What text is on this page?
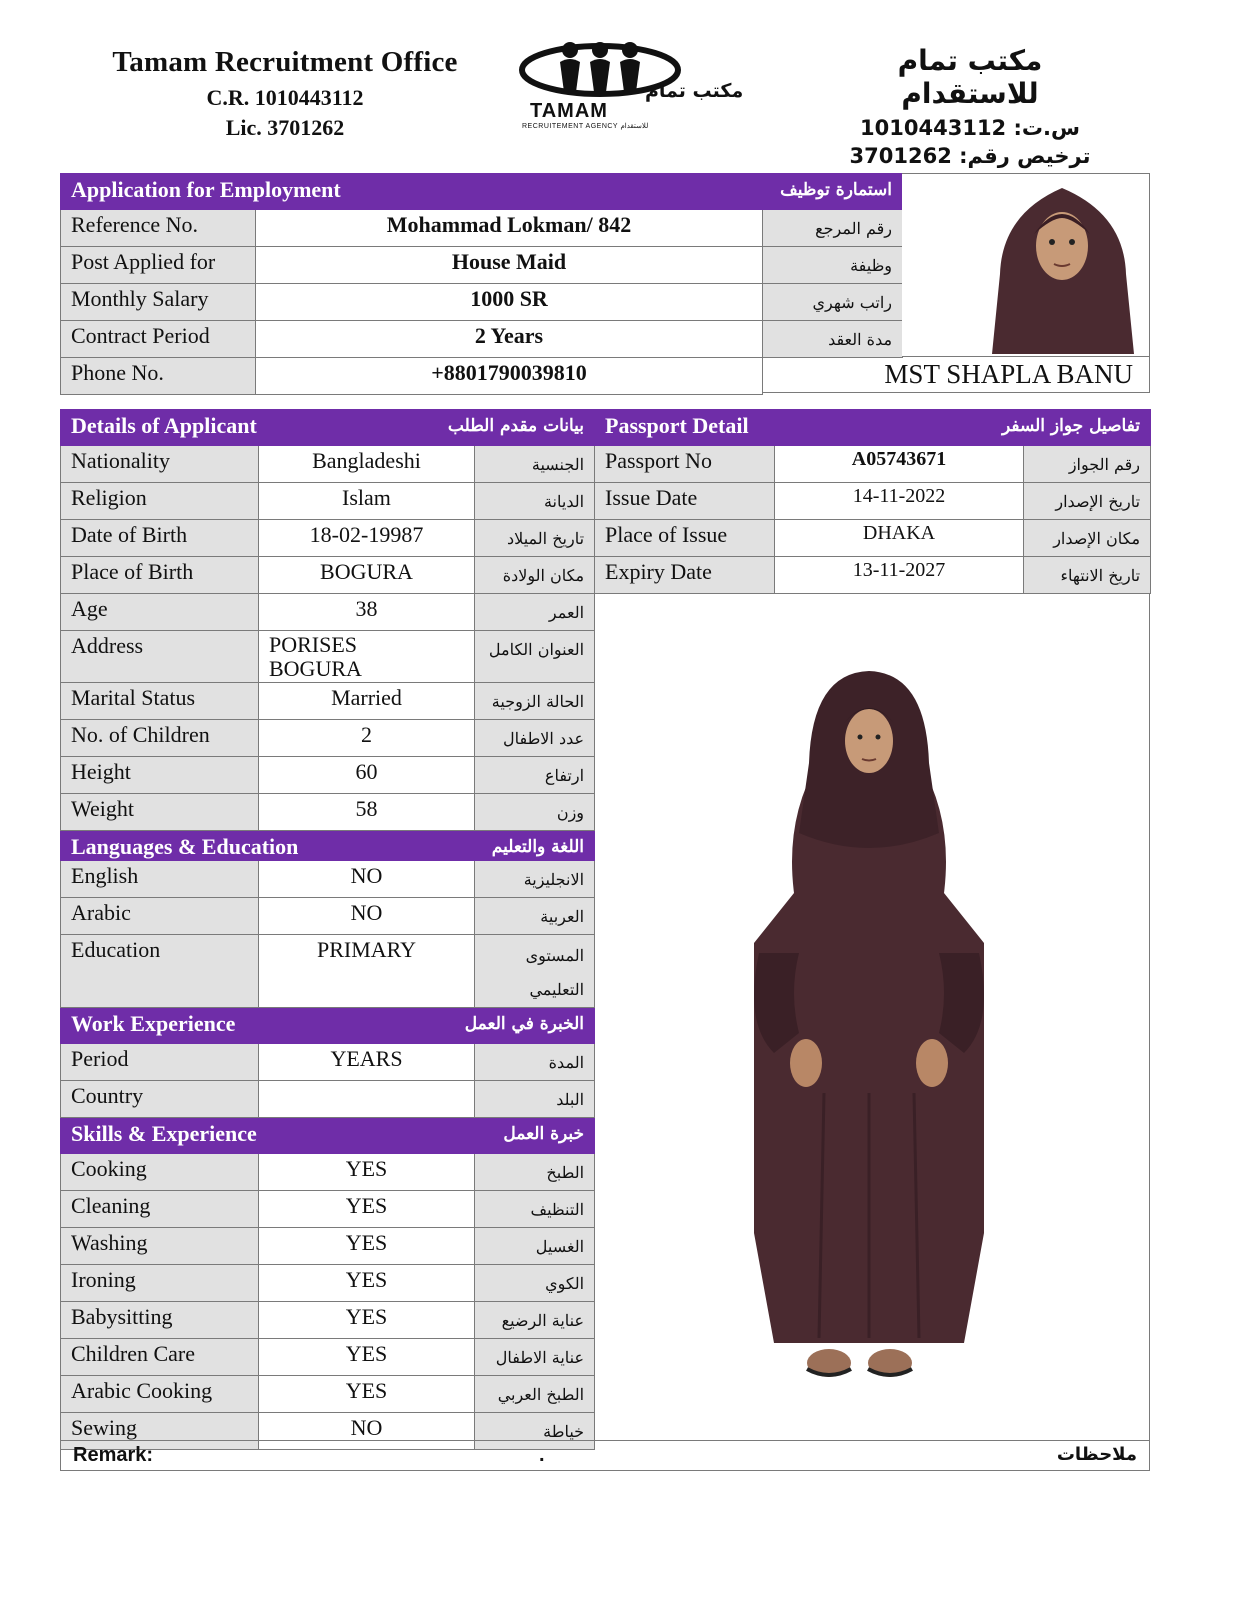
Tamam Recruitment Office
C.R. 1010443112
Lic. 3701262
TAMAM
مكتب تمام
RECRUITEMENT AGENCY للاستقدام
مكتب تمام للاستقدام
س.ت: 1010443112
ترخيص رقم: 3701262
Application for Employment استمارة توظيف		

Reference No.	Mohammad Lokman/ 842	رقم المرجع
Post Applied for	House Maid	وظيفة
Monthly Salary	1000 SR	راتب شهري
Contract Period	2 Years	مدة العقد
Phone No.	+8801790039810		MST SHAPLA BANU
Details of Applicant بيانات مقدم الطلب		

Nationality	Bangladeshi	الجنسية
Religion	Islam	الديانة
Date of Birth	18-02-19987	تاريخ الميلاد
Place of Birth	BOGURA	مكان الولادة
Age	38	العمر
Address	PORISES
BOGURA	العنوان الكامل
Marital Status	Married	الحالة الزوجية
No. of Children	2	عدد الاطفال
Height	60	ارتفاع
Weight	58	وزن

Languages & Education اللغة والتعليم		

English	NO	الانجليزية
Arabic	NO	العربية
Education	PRIMARY	المستوى
التعليمي

Work Experience الخبرة في العمل		

Period	YEARS	المدة
Country		البلد

Skills & Experience خبرة العمل		

Cooking	YES	الطبخ
Cleaning	YES	التنظيف
Washing	YES	الغسيل
Ironing	YES	الكوي
Babysitting	YES	عناية الرضيع
Children Care	YES	عناية الاطفال
Arabic Cooking	YES	الطبخ العربي
Sewing	NO	خياطة
Passport Detail تفاصيل جواز السفر		

Passport No	A05743671	رقم الجواز
Issue Date	14-11-2022	تاريخ الإصدار
Place of Issue	DHAKA	مكان الإصدار
Expiry Date	13-11-2027	تاريخ الانتهاء
Remark:	.	ملاحظات
